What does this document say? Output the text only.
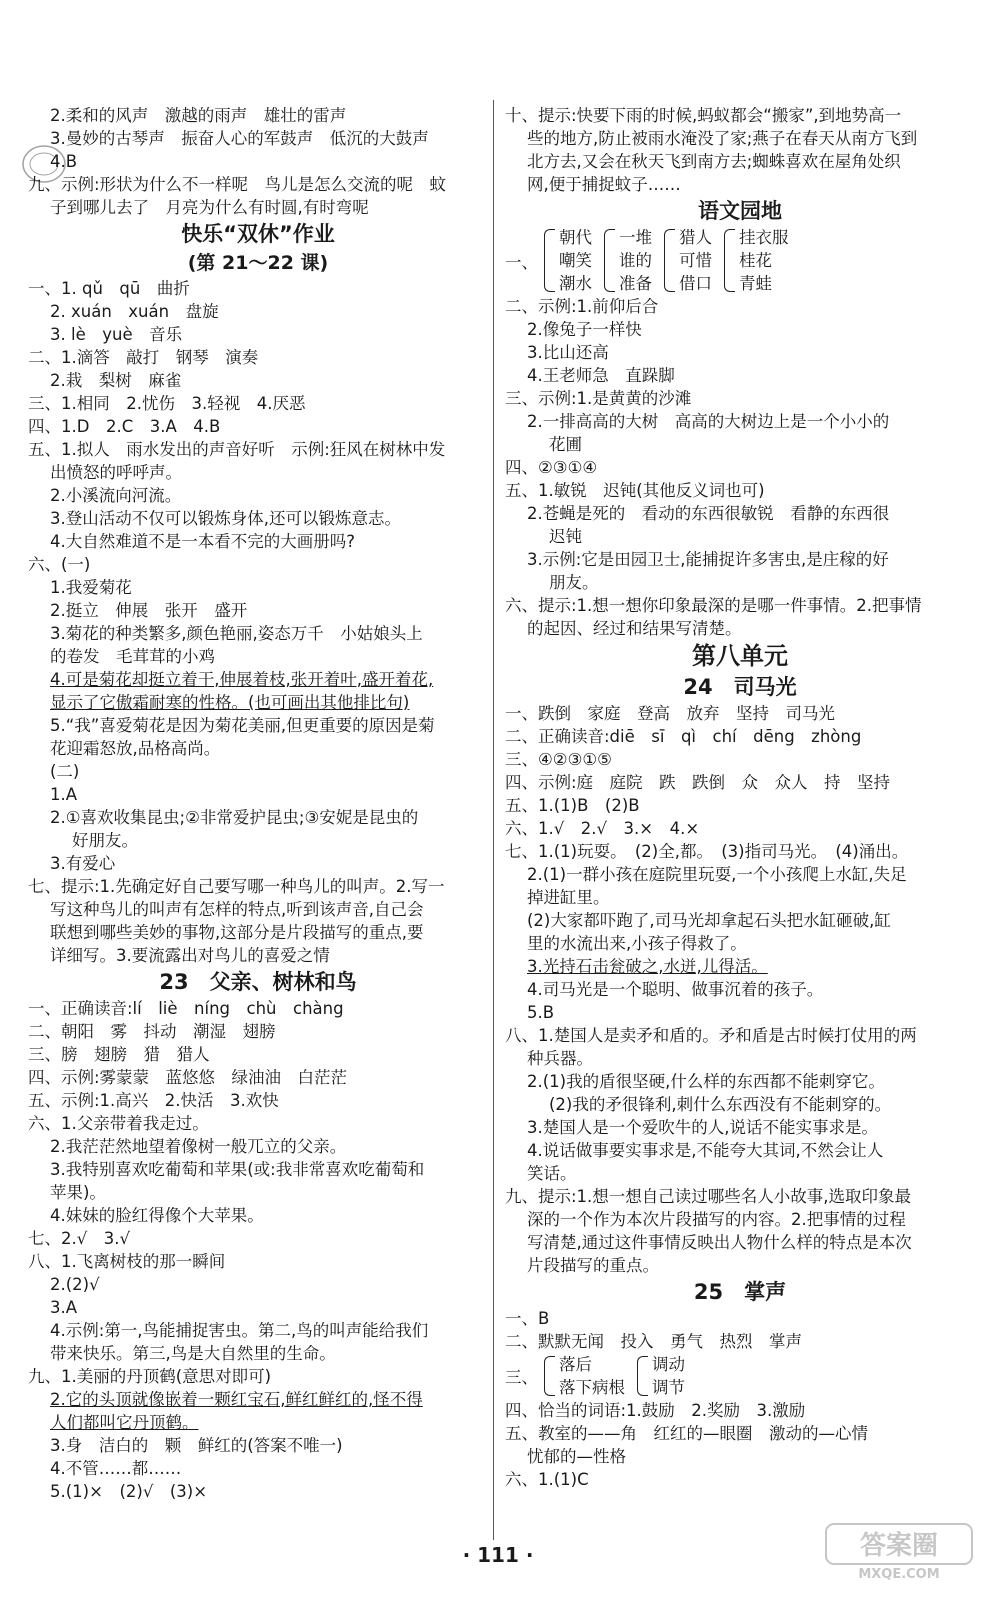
2.柔和的风声　激越的雨声　雄壮的雷声
3.曼妙的古琴声　振奋人心的军鼓声　低沉的大鼓声
4.B
九、示例:形状为什么不一样呢　鸟儿是怎么交流的呢　蚊
子到哪儿去了　月亮为什么有时圆,有时弯呢
快乐“双休”作业
(第 21～22 课)
一、1. qǔ　qū　曲折
2. xuán　xuán　盘旋
3. lè　yuè　音乐
二、1.滴答　敲打　钢琴　演奏
2.栽　梨树　麻雀
三、1.相同　2.忧伤　3.轻视　4.厌恶
四、1.D　2.C　3.A　4.B
五、1.拟人　雨水发出的声音好听　示例:狂风在树林中发
出愤怒的呼呼声。
2.小溪流向河流。
3.登山活动不仅可以锻炼身体,还可以锻炼意志。
4.大自然难道不是一本看不完的大画册吗?
六、(一)
1.我爱菊花
2.挺立　伸展　张开　盛开
3.菊花的种类繁多,颜色艳丽,姿态万千　小姑娘头上
的卷发　毛茸茸的小鸡
4.可是菊花却挺立着干,伸展着枝,张开着叶,盛开着花,
显示了它傲霜耐寒的性格。(也可画出其他排比句)
5.“我”喜爱菊花是因为菊花美丽,但更重要的原因是菊
花迎霜怒放,品格高尚。
(二)
1.A
2.①喜欢收集昆虫;②非常爱护昆虫;③安妮是昆虫的
好朋友。
3.有爱心
七、提示:1.先确定好自己要写哪一种鸟儿的叫声。2.写一
写这种鸟儿的叫声有怎样的特点,听到该声音,自己会
联想到哪些美妙的事物,这部分是片段描写的重点,要
详细写。3.要流露出对鸟儿的喜爱之情
23　父亲、树林和鸟
一、正确读音:lí　liè　níng　chù　chàng
二、朝阳　雾　抖动　潮湿　翅膀
三、膀　翅膀　猎　猎人
四、示例:雾蒙蒙　蓝悠悠　绿油油　白茫茫
五、示例:1.高兴　2.快活　3.欢快
六、1.父亲带着我走过。
2.我茫茫然地望着像树一般兀立的父亲。
3.我特别喜欢吃葡萄和苹果(或:我非常喜欢吃葡萄和
苹果)。
4.妹妹的脸红得像个大苹果。
七、2.√　3.√
八、1.飞离树枝的那一瞬间
2.(2)√
3.A
4.示例:第一,鸟能捕捉害虫。第二,鸟的叫声能给我们
带来快乐。第三,鸟是大自然里的生命。
九、1.美丽的丹顶鹤(意思对即可)
2.它的头顶就像嵌着一颗红宝石,鲜红鲜红的,怪不得
人们都叫它丹顶鹤。
3.身　洁白的　颗　鲜红的(答案不唯一)
4.不管……都……
5.(1)×　(2)√　(3)×
十、提示:快要下雨的时候,蚂蚁都会“搬家”,到地势高一
些的地方,防止被雨水淹没了家;燕子在春天从南方飞到
北方去,又会在秋天飞到南方去;蜘蛛喜欢在屋角处织
网,便于捕捉蚊子……
语文园地
一、
朝代
嘲笑
潮水
一堆
谁的
准备
猎人
可惜
借口
挂衣服
桂花
青蛙
二、示例:1.前仰后合
2.像兔子一样快
3.比山还高
4.王老师急　直跺脚
三、示例:1.是黄黄的沙滩
2.一排高高的大树　高高的大树边上是一个小小的
花圃
四、②③①④
五、1.敏锐　迟钝(其他反义词也可)
2.苍蝇是死的　看动的东西很敏锐　看静的东西很
迟钝
3.示例:它是田园卫士,能捕捉许多害虫,是庄稼的好
朋友。
六、提示:1.想一想你印象最深的是哪一件事情。2.把事情
的起因、经过和结果写清楚。
第八单元
24　司马光
一、跌倒　家庭　登高　放弃　坚持　司马光
二、正确读音:diē　sī　qì　chí　dēng　zhòng
三、④②③①⑤
四、示例:庭　庭院　跌　跌倒　众　众人　持　坚持
五、1.(1)B　(2)B
六、1.√　2.√　3.×　4.×
七、1.(1)玩耍。　(2)全,都。　(3)指司马光。　(4)涌出。
2.(1)一群小孩在庭院里玩耍,一个小孩爬上水缸,失足
掉进缸里。
(2)大家都吓跑了,司马光却拿起石头把水缸砸破,缸
里的水流出来,小孩子得救了。
3.光持石击瓮破之,水迸,儿得活。
4.司马光是一个聪明、做事沉着的孩子。
5.B
八、1.楚国人是卖矛和盾的。矛和盾是古时候打仗用的两
种兵器。
2.(1)我的盾很坚硬,什么样的东西都不能刺穿它。
(2)我的矛很锋利,刺什么东西没有不能刺穿的。
3.楚国人是一个爱吹牛的人,说话不能实事求是。
4.说话做事要实事求是,不能夸大其词,不然会让人
笑话。
九、提示:1.想一想自己读过哪些名人小故事,选取印象最
深的一个作为本次片段描写的内容。2.把事情的过程
写清楚,通过这件事情反映出人物什么样的特点是本次
片段描写的重点。
25　掌声
一、B
二、默默无闻　投入　勇气　热烈　掌声
三、
落后
落下病根
调动
调节
四、恰当的词语:1.鼓励　2.奖励　3.激励
五、教室的——角　红红的—眼圈　激动的—心情
忧郁的—性格
六、1.(1)C
· 111 ·	答案圈
MXQE.COM
